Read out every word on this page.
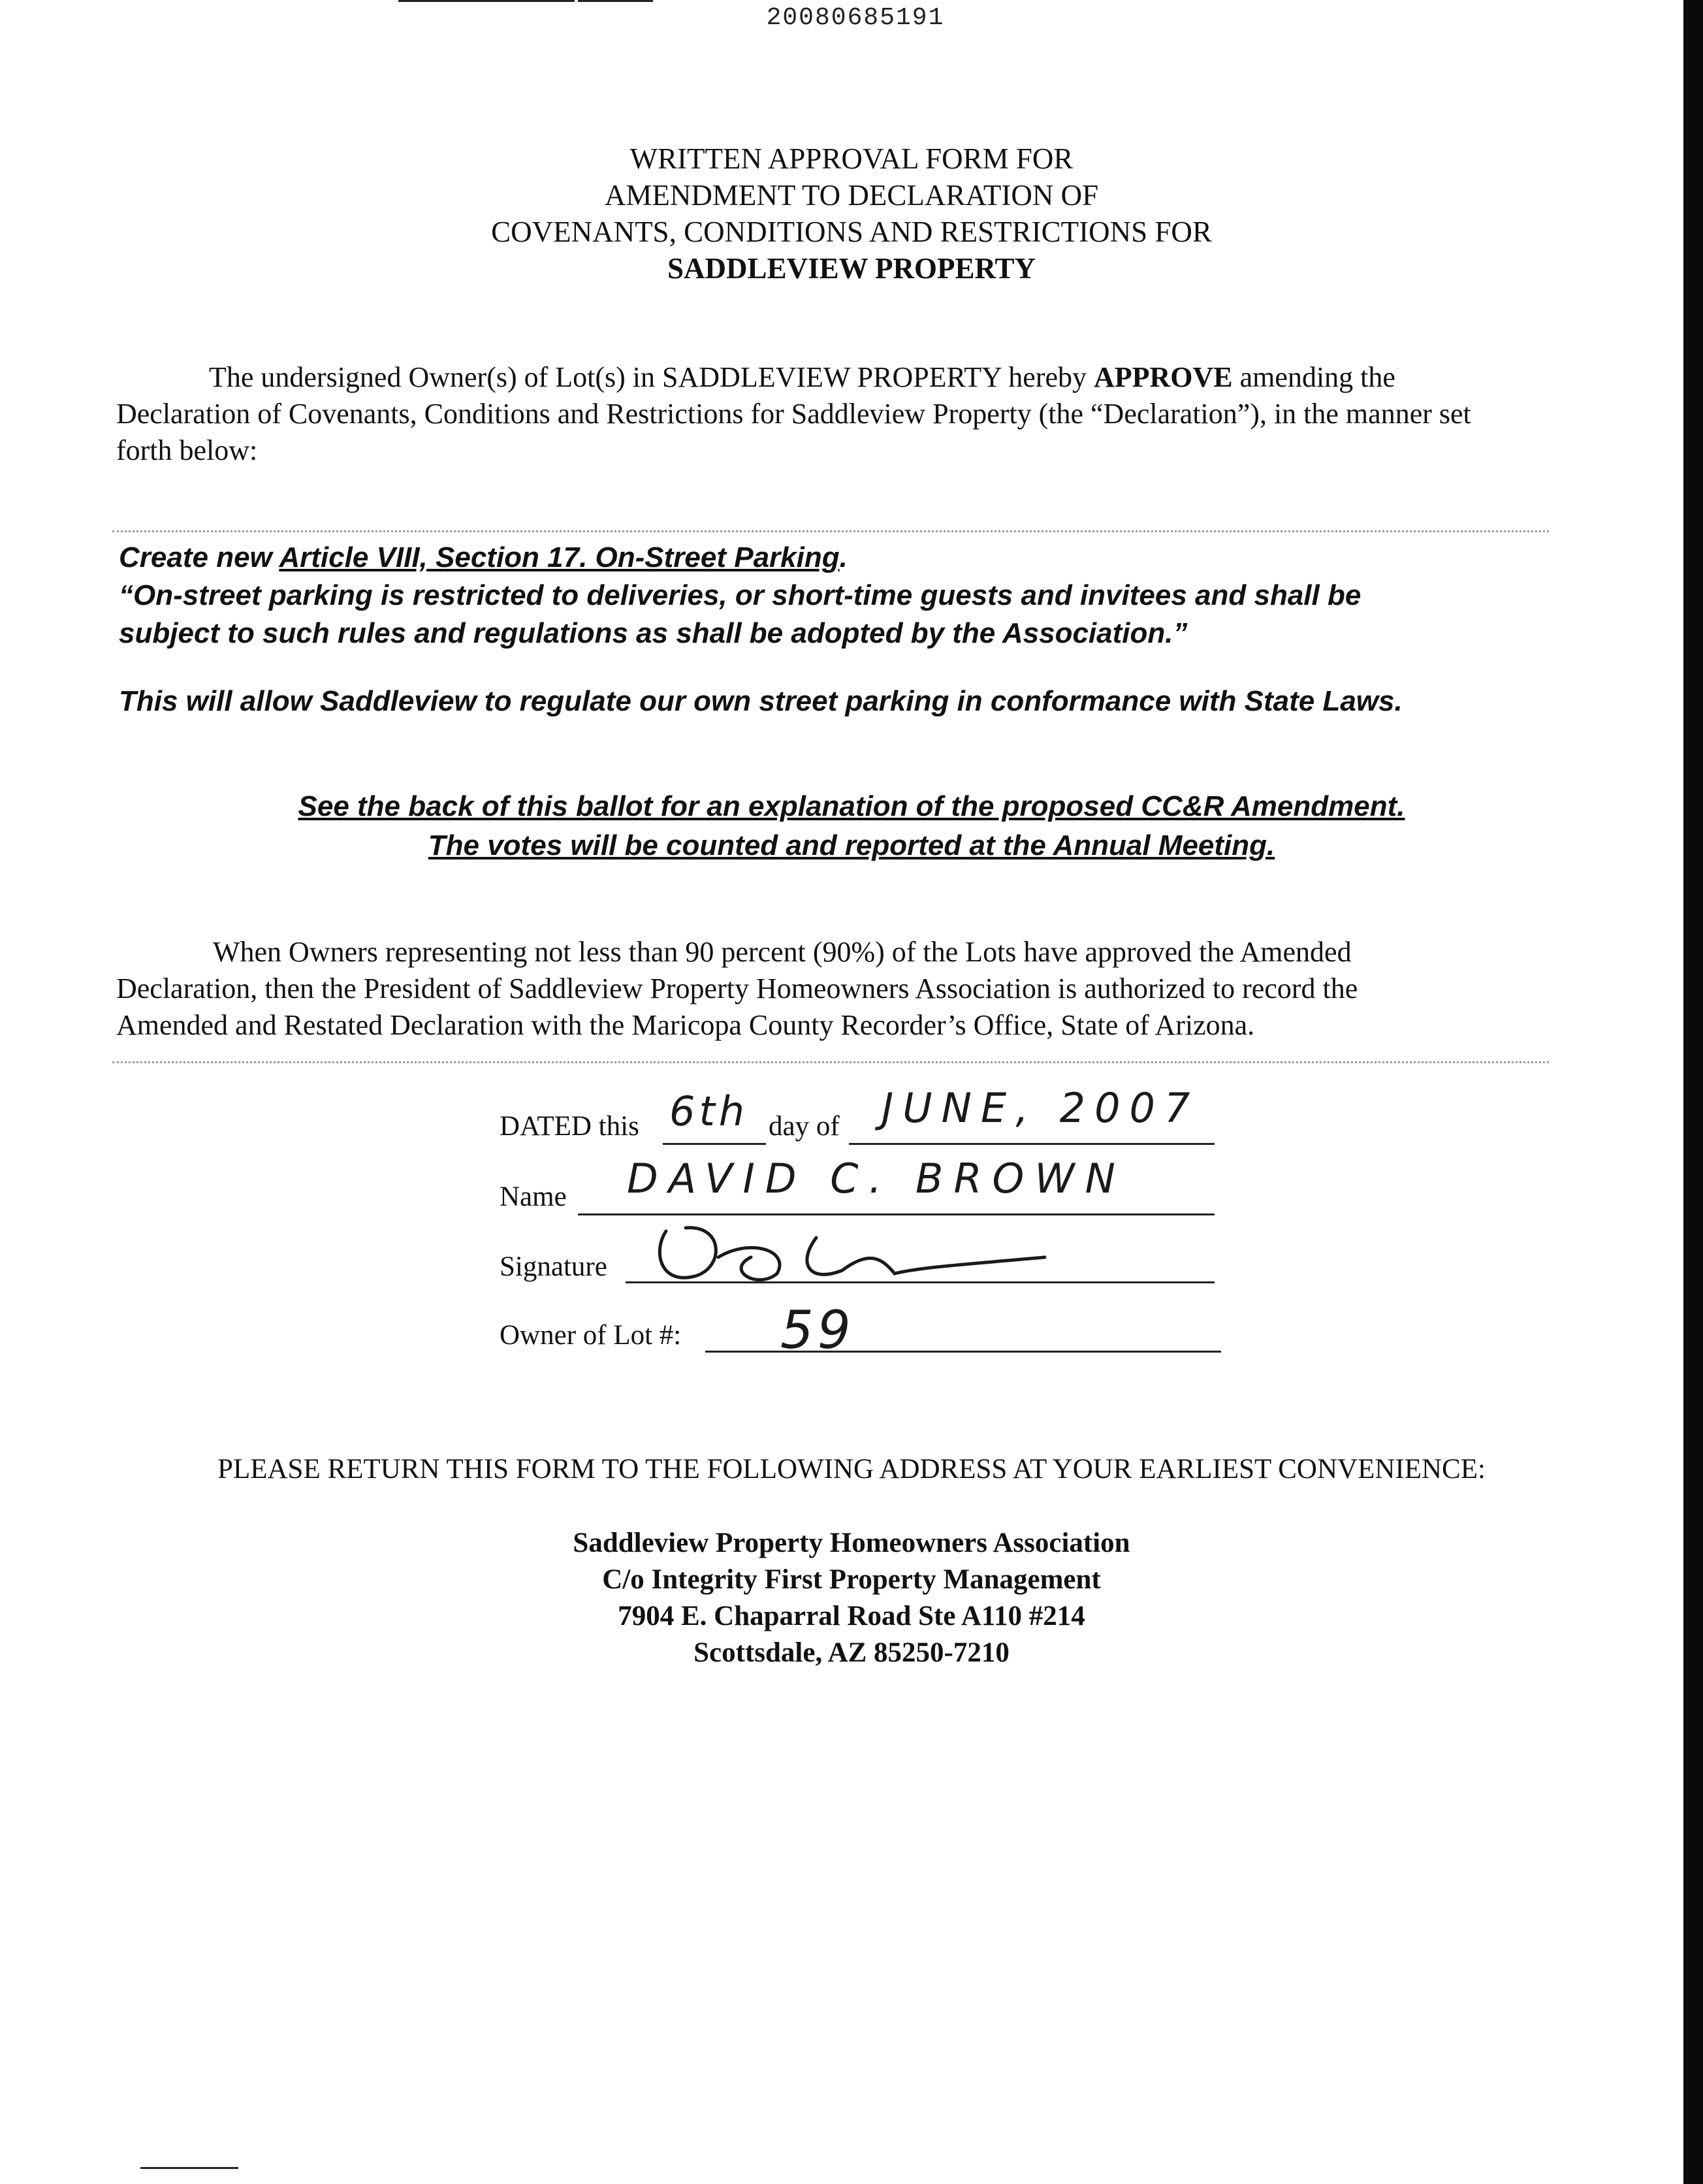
20080685191
WRITTEN APPROVAL FORM FOR
AMENDMENT TO DECLARATION OF
COVENANTS, CONDITIONS AND RESTRICTIONS FOR
SADDLEVIEW PROPERTY
The undersigned Owner(s) of Lot(s) in SADDLEVIEW PROPERTY hereby APPROVE amending the Declaration of Covenants, Conditions and Restrictions for Saddleview Property (the “Declaration”), in the manner set forth below:
Create new Article VIII, Section 17. On-Street Parking.
“On-street parking is restricted to deliveries, or short-time guests and invitees and shall be
subject to such rules and regulations as shall be adopted by the Association.”
This will allow Saddleview to regulate our own street parking in conformance with State Laws.
See the back of this ballot for an explanation of the proposed CC&R Amendment.
The votes will be counted and reported at the Annual Meeting.
When Owners representing not less than 90 percent (90%) of the Lots have approved the Amended Declaration, then the President of Saddleview Property Homeowners Association is authorized to record the Amended and Restated Declaration with the Maricopa County Recorder’s Office, State of Arizona.
DATED this 6th day of JUNE, 2007
Name DAVID C. BROWN
Signature
Owner of Lot #: 59
PLEASE RETURN THIS FORM TO THE FOLLOWING ADDRESS AT YOUR EARLIEST CONVENIENCE:
Saddleview Property Homeowners Association
C/o Integrity First Property Management
7904 E. Chaparral Road Ste A110 #214
Scottsdale, AZ 85250-7210
